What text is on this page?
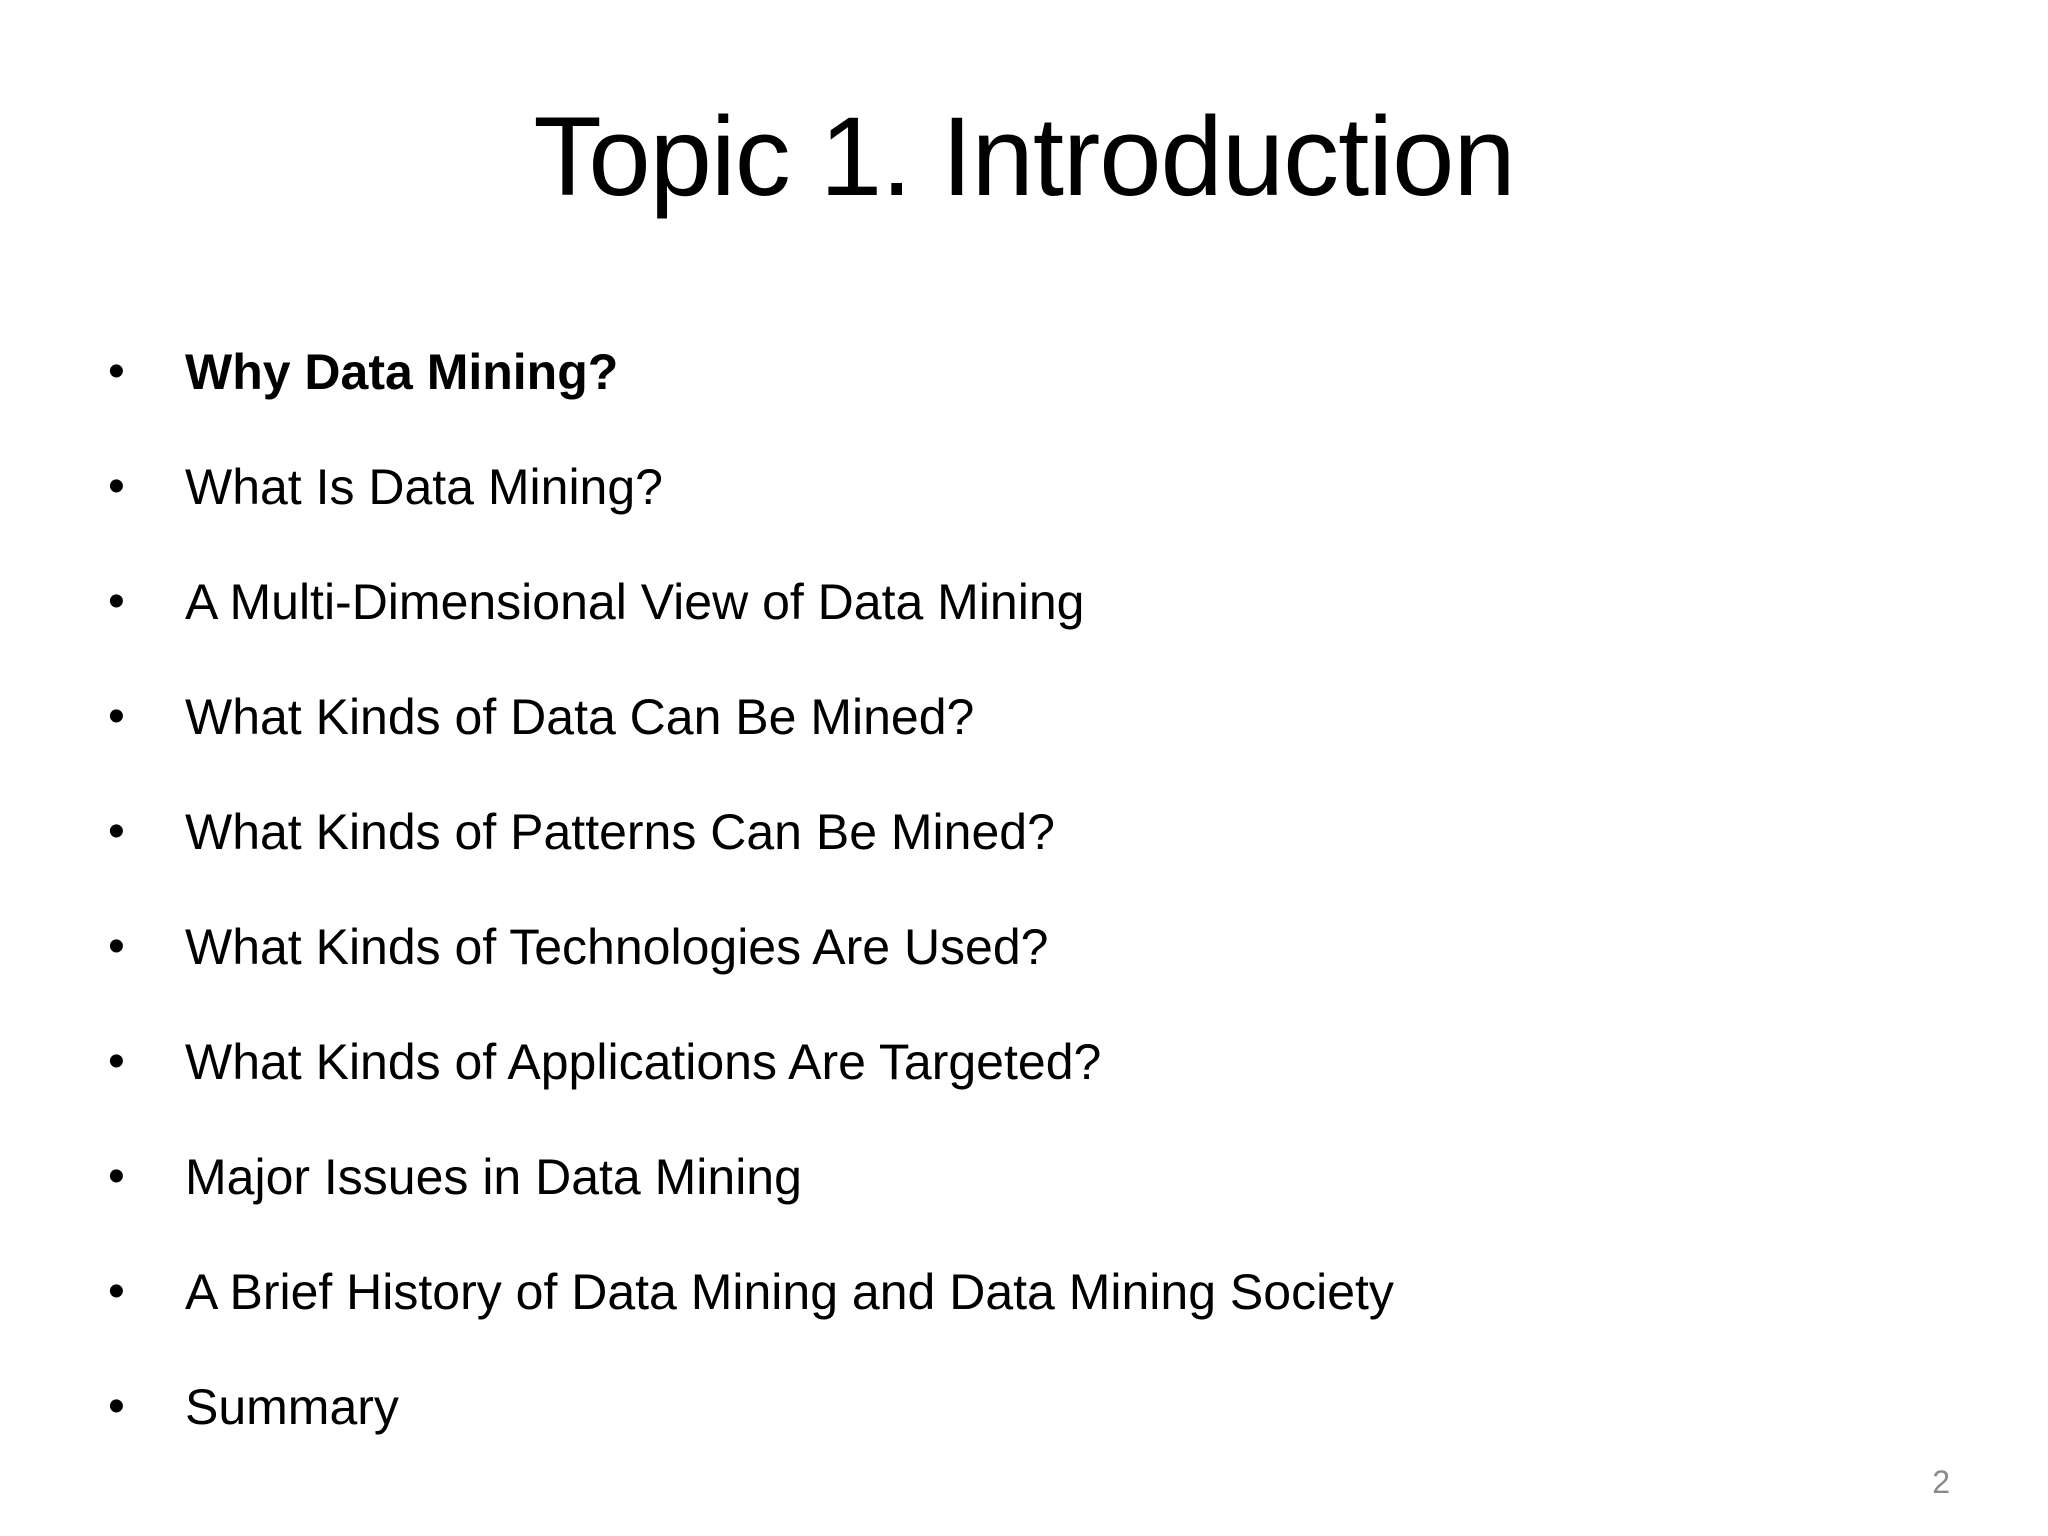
Topic 1. Introduction
•	Why Data Mining?
•	What Is Data Mining?
•	A Multi-Dimensional View of Data Mining
•	What Kinds of Data Can Be Mined?
•	What Kinds of Patterns Can Be Mined?
•	What Kinds of Technologies Are Used?
•	What Kinds of Applications Are Targeted?
•	Major Issues in Data Mining
•	A Brief History of Data Mining and Data Mining Society
•	Summary
2
